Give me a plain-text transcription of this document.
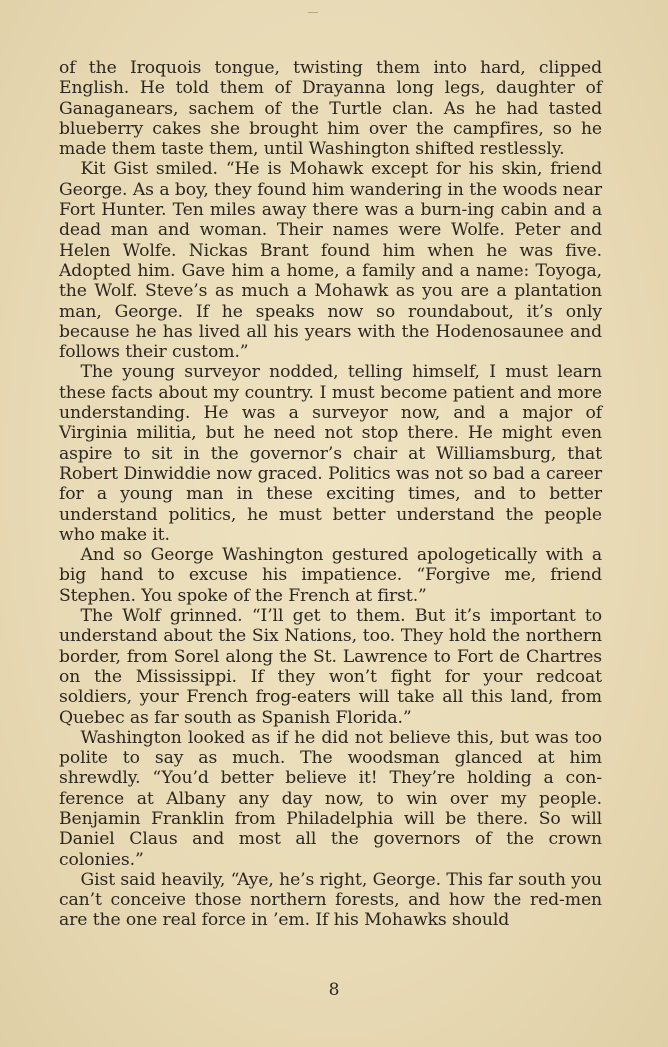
of the Iroquois tongue, twisting them into hard, clipped English. He told them of Drayanna long legs, daughter of Ganaganears, sachem of the Turtle clan. As he had tasted blueberry cakes she brought him over the campfires, so he made them taste them, until Washington shifted restlessly.

Kit Gist smiled. “He is Mohawk except for his skin, friend George. As a boy, they found him wandering in the woods near Fort Hunter. Ten miles away there was a burn-ing cabin and a dead man and woman. Their names were Wolfe. Peter and Helen Wolfe. Nickas Brant found him when he was five. Adopted him. Gave him a home, a family and a name: Toyoga, the Wolf. Steve’s as much a Mohawk as you are a plantation man, George. If he speaks now so roundabout, it’s only because he has lived all his years with the Hodenosaunee and follows their custom.”

The young surveyor nodded, telling himself, I must learn these facts about my country. I must become patient and more understanding. He was a surveyor now, and a major of Virginia militia, but he need not stop there. He might even aspire to sit in the governor’s chair at Williamsburg, that Robert Dinwiddie now graced. Politics was not so bad a career for a young man in these exciting times, and to better understand politics, he must better understand the people who make it.

And so George Washington gestured apologetically with a big hand to excuse his impatience. “Forgive me, friend Stephen. You spoke of the French at first.”

The Wolf grinned. “I’ll get to them. But it’s important to understand about the Six Nations, too. They hold the northern border, from Sorel along the St. Lawrence to Fort de Chartres on the Mississippi. If they won’t fight for your redcoat soldiers, your French frog-eaters will take all this land, from Quebec as far south as Spanish Florida.”

Washington looked as if he did not believe this, but was too polite to say as much. The woodsman glanced at him shrewdly. “You’d better believe it! They’re holding a con-ference at Albany any day now, to win over my people. Benjamin Franklin from Philadelphia will be there. So will Daniel Claus and most all the governors of the crown colonies.”

Gist said heavily, “Aye, he’s right, George. This far south you can’t conceive those northern forests, and how the red-men are the one real force in ’em. If his Mohawks should

8
